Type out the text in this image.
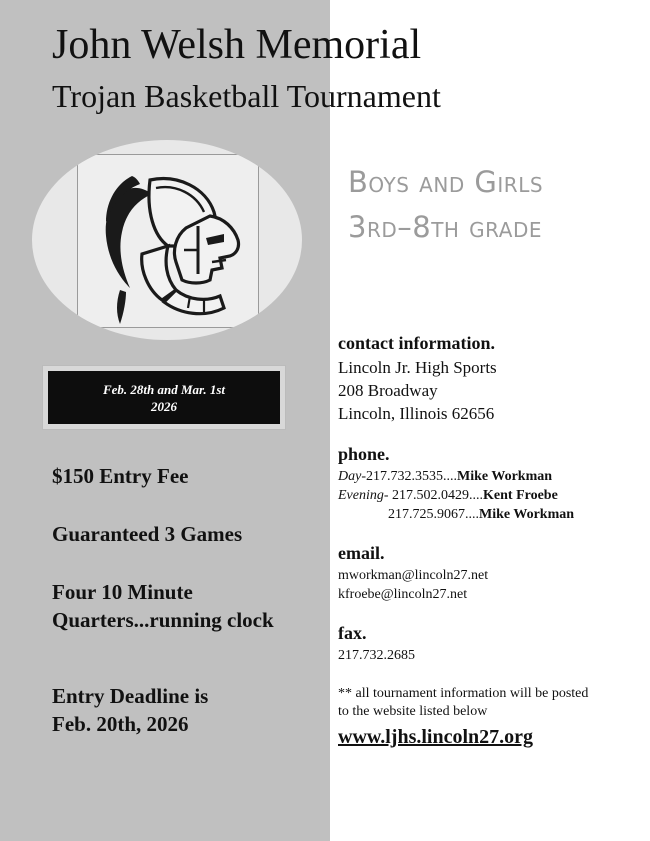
John Welsh Memorial
Trojan Basketball Tournament
Feb. 28th and Mar. 1st
2026
$150 Entry Fee
Guaranteed 3 Games
Four 10 Minute Quarters...running clock
Entry Deadline is
Feb. 20th, 2026
Boys and Girls
3rd–8th grade
contact information.
Lincoln Jr. High Sports
208 Broadway
Lincoln, Illinois 62656
phone.
Day-217.732.3535....Mike Workman
Evening- 217.502.0429....Kent Froebe
217.725.9067....Mike Workman
email.
mworkman@lincoln27.net
kfroebe@lincoln27.net
fax.
217.732.2685
** all tournament information will be posted
to the website listed below
www.ljhs.lincoln27.org
